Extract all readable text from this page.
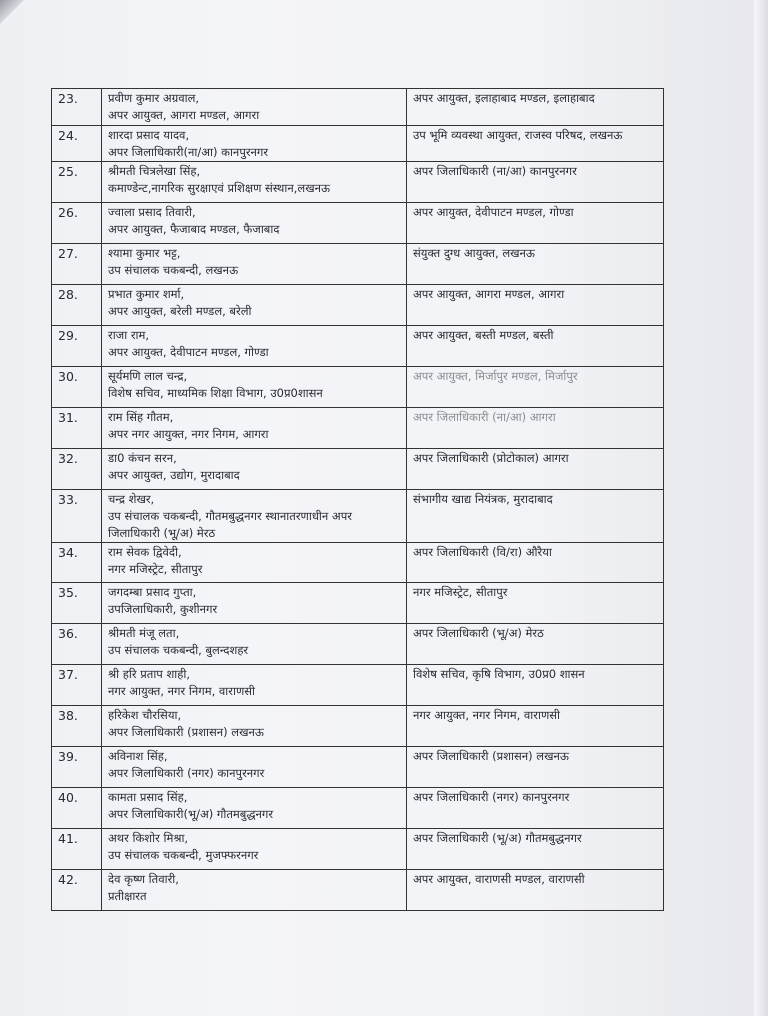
23.	प्रवीण कुमार अग्रवाल,
अपर आयुक्त, आगरा मण्डल, आगरा	अपर आयुक्त, इलाहाबाद मण्डल, इलाहाबाद
24.	शारदा प्रसाद यादव,
अपर जिलाधिकारी(ना/आ) कानपुरनगर	उप भूमि व्यवस्था आयुक्त, राजस्व परिषद, लखनऊ
25.	श्रीमती चित्रलेखा सिंह,
कमाण्डेन्ट,नागरिक सुरक्षाएवं प्रशिक्षण संस्थान,लखनऊ	अपर जिलाधिकारी (ना/आ) कानपुरनगर
26.	ज्वाला प्रसाद तिवारी,
अपर आयुक्त, फैजाबाद मण्डल, फैजाबाद	अपर आयुक्त, देवीपाटन मण्डल, गोण्डा
27.	श्यामा कुमार भट्ट,
उप संचालक चकबन्दी, लखनऊ	संयुक्त दुग्ध आयुक्त, लखनऊ
28.	प्रभात कुमार शर्मा,
अपर आयुक्त, बरेली मण्डल, बरेली	अपर आयुक्त, आगरा मण्डल, आगरा
29.	राजा राम,
अपर आयुक्त, देवीपाटन मण्डल, गोण्डा	अपर आयुक्त, बस्ती मण्डल, बस्ती
30.	सूर्यमणि लाल चन्द्र,
विशेष सचिव, माध्यमिक शिक्षा विभाग, उ0प्र0शासन	अपर आयुक्त, मिर्जापुर मण्डल, मिर्जापुर
31.	राम सिंह गौतम,
अपर नगर आयुक्त, नगर निगम, आगरा	अपर जिलाधिकारी (ना/आ) आगरा
32.	डा0 कंचन सरन,
अपर आयुक्त, उद्योग, मुरादाबाद	अपर जिलाधिकारी (प्रोटोकाल) आगरा
33.	चन्द्र शेखर,
उप संचालक चकबन्दी, गौतमबुद्धनगर स्थानातरणाधीन अपर
जिलाधिकारी (भू/अ) मेरठ	संभागीय खाद्य नियंत्रक, मुरादाबाद
34.	राम सेवक द्विवेदी,
नगर मजिस्ट्रेट, सीतापुर	अपर जिलाधिकारी (वि/रा) औरैया
35.	जगदम्बा प्रसाद गुप्ता,
उपजिलाधिकारी, कुशीनगर	नगर मजिस्ट्रेट, सीतापुर
36.	श्रीमती मंजू लता,
उप संचालक चकबन्दी, बुलन्दशहर	अपर जिलाधिकारी (भू/अ) मेरठ
37.	श्री हरि प्रताप शाही,
नगर आयुक्त, नगर निगम, वाराणसी	विशेष सचिव, कृषि विभाग, उ0प्र0 शासन
38.	हरिकेश चौरसिया,
अपर जिलाधिकारी (प्रशासन) लखनऊ	नगर आयुक्त, नगर निगम, वाराणसी
39.	अविनाश सिंह,
अपर जिलाधिकारी (नगर) कानपुरनगर	अपर जिलाधिकारी (प्रशासन) लखनऊ
40.	कामता प्रसाद सिंह,
अपर जिलाधिकारी(भू/अ) गौतमबुद्धनगर	अपर जिलाधिकारी (नगर) कानपुरनगर
41.	अथर किशोर मिश्रा,
उप संचालक चकबन्दी, मुजफ्फरनगर	अपर जिलाधिकारी (भू/अ) गौतमबुद्धनगर
42.	देव कृष्ण तिवारी,
प्रतीक्षारत	अपर आयुक्त, वाराणसी मण्डल, वाराणसी
